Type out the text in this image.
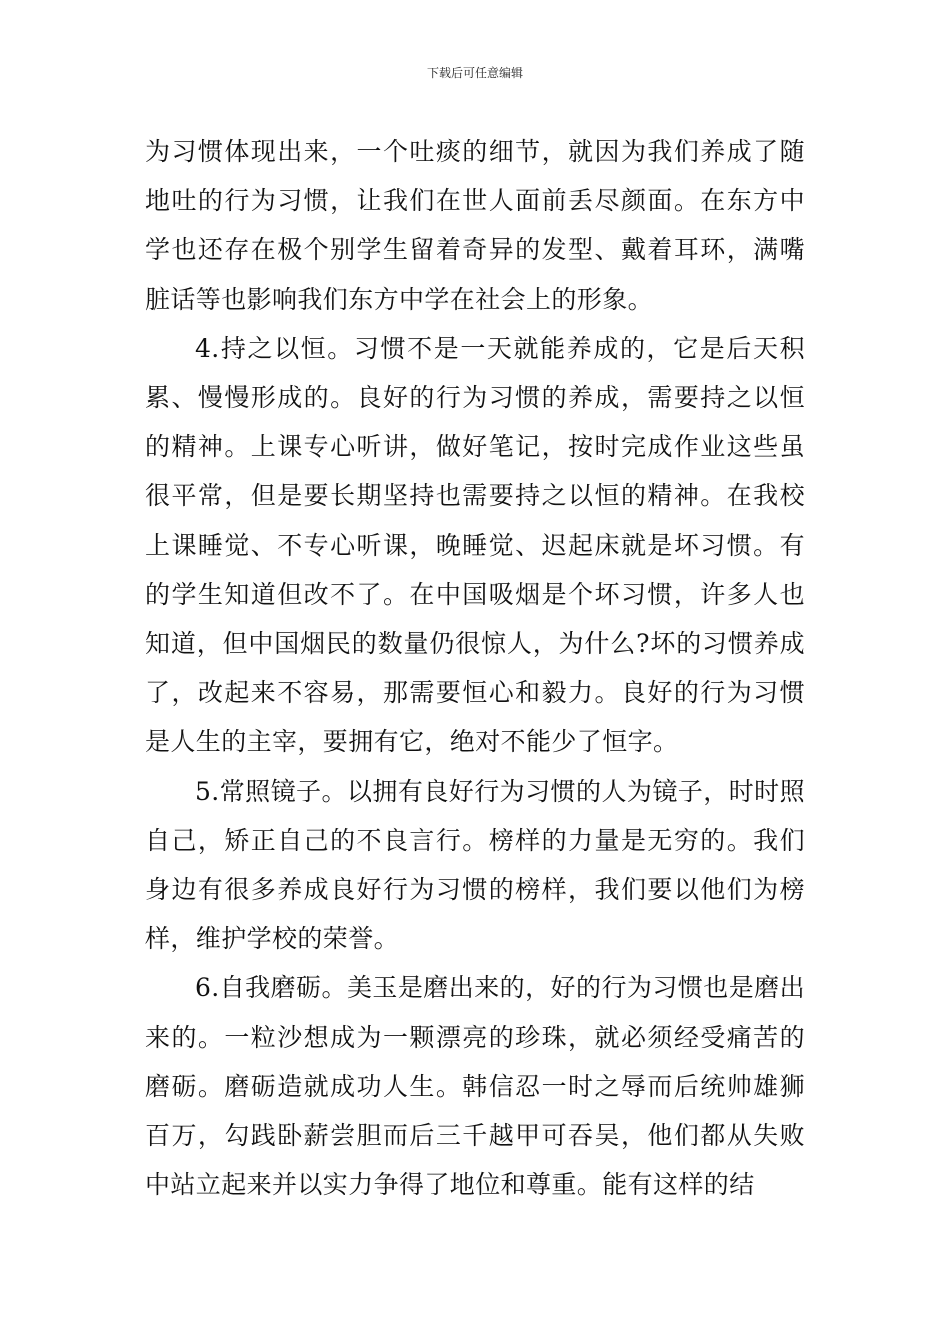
下载后可任意编辑

为习惯体现出来，一个吐痰的细节，就因为我们养成了随地吐的行为习惯，让我们在世人面前丢尽颜面。在东方中学也还存在极个别学生留着奇异的发型、戴着耳环，满嘴脏话等也影响我们东方中学在社会上的形象。

4.持之以恒。习惯不是一天就能养成的，它是后天积累、慢慢形成的。良好的行为习惯的养成，需要持之以恒的精神。上课专心听讲，做好笔记，按时完成作业这些虽很平常，但是要长期坚持也需要持之以恒的精神。在我校上课睡觉、不专心听课，晚睡觉、迟起床就是坏习惯。有的学生知道但改不了。在中国吸烟是个坏习惯，许多人也知道，但中国烟民的数量仍很惊人，为什么?坏的习惯养成了，改起来不容易，那需要恒心和毅力。良好的行为习惯是人生的主宰，要拥有它，绝对不能少了恒字。

5.常照镜子。以拥有良好行为习惯的人为镜子，时时照自己，矫正自己的不良言行。榜样的力量是无穷的。我们身边有很多养成良好行为习惯的榜样，我们要以他们为榜样，维护学校的荣誉。

6.自我磨砺。美玉是磨出来的，好的行为习惯也是磨出来的。一粒沙想成为一颗漂亮的珍珠，就必须经受痛苦的磨砺。磨砺造就成功人生。韩信忍一时之辱而后统帅雄狮百万，勾践卧薪尝胆而后三千越甲可吞吴，他们都从失败中站立起来并以实力争得了地位和尊重。能有这样的结
